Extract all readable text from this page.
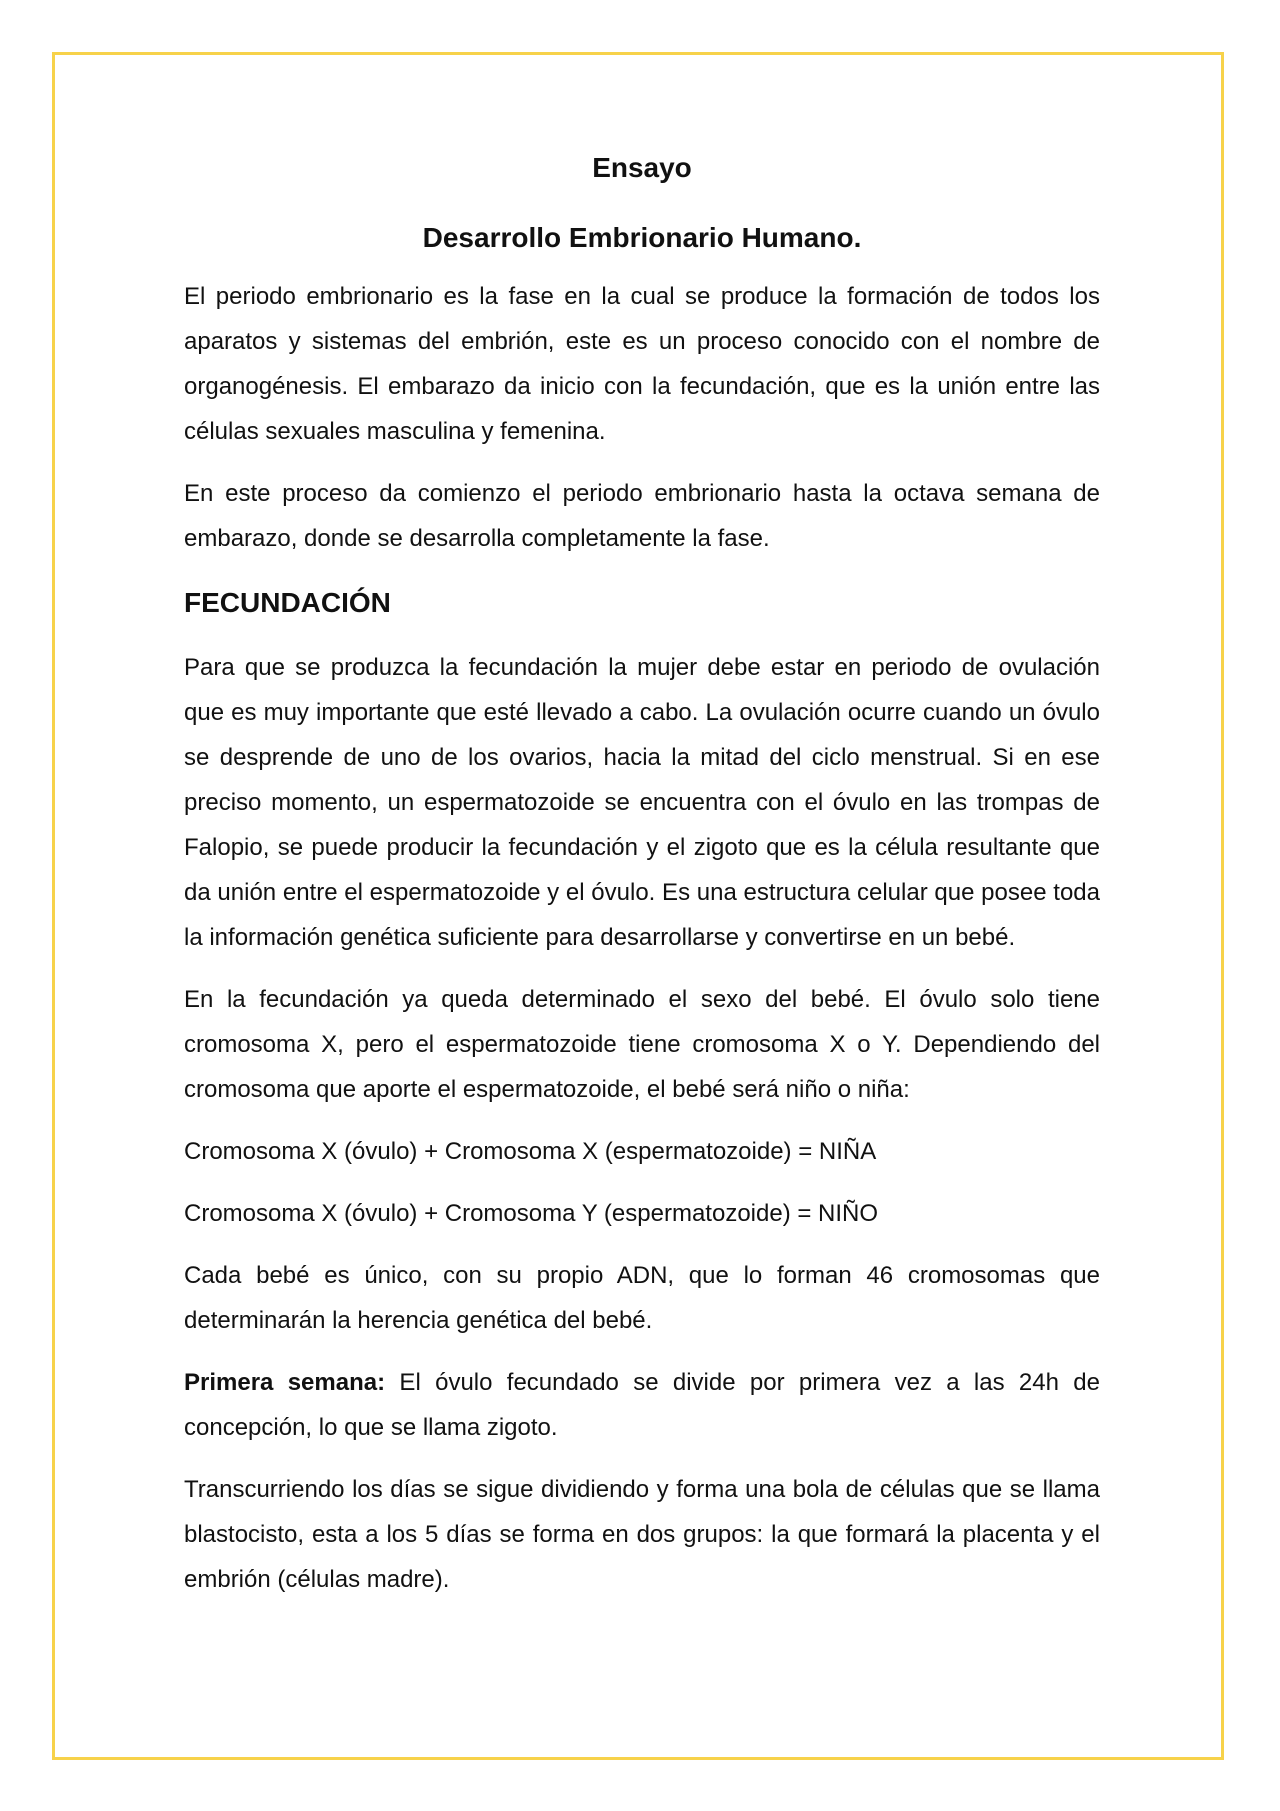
Ensayo
Desarrollo Embrionario Humano.

El periodo embrionario es la fase en la cual se produce la formación de todos los aparatos y sistemas del embrión, este es un proceso conocido con el nombre de organogénesis. El embarazo da inicio con la fecundación, que es la unión entre las células sexuales masculina y femenina.

En este proceso da comienzo el periodo embrionario hasta la octava semana de embarazo, donde se desarrolla completamente la fase.

FECUNDACIÓN

Para que se produzca la fecundación la mujer debe estar en periodo de ovulación que es muy importante que esté llevado a cabo. La ovulación ocurre cuando un óvulo se desprende de uno de los ovarios, hacia la mitad del ciclo menstrual. Si en ese preciso momento, un espermatozoide se encuentra con el óvulo en las trompas de Falopio, se puede producir la fecundación y el zigoto que es la célula resultante que da unión entre el espermatozoide y el óvulo. Es una estructura celular que posee toda la información genética suficiente para desarrollarse y convertirse en un bebé.

En la fecundación ya queda determinado el sexo del bebé. El óvulo solo tiene cromosoma X, pero el espermatozoide tiene cromosoma X o Y. Dependiendo del cromosoma que aporte el espermatozoide, el bebé será niño o niña:

Cromosoma X (óvulo) + Cromosoma X (espermatozoide) = NIÑA

Cromosoma X (óvulo) + Cromosoma Y (espermatozoide) = NIÑO

Cada bebé es único, con su propio ADN, que lo forman 46 cromosomas que determinarán la herencia genética del bebé.

Primera semana: El óvulo fecundado se divide por primera vez a las 24h de concepción, lo que se llama zigoto.

Transcurriendo los días se sigue dividiendo y forma una bola de células que se llama blastocisto, esta a los 5 días se forma en dos grupos: la que formará la placenta y el embrión (células madre).
